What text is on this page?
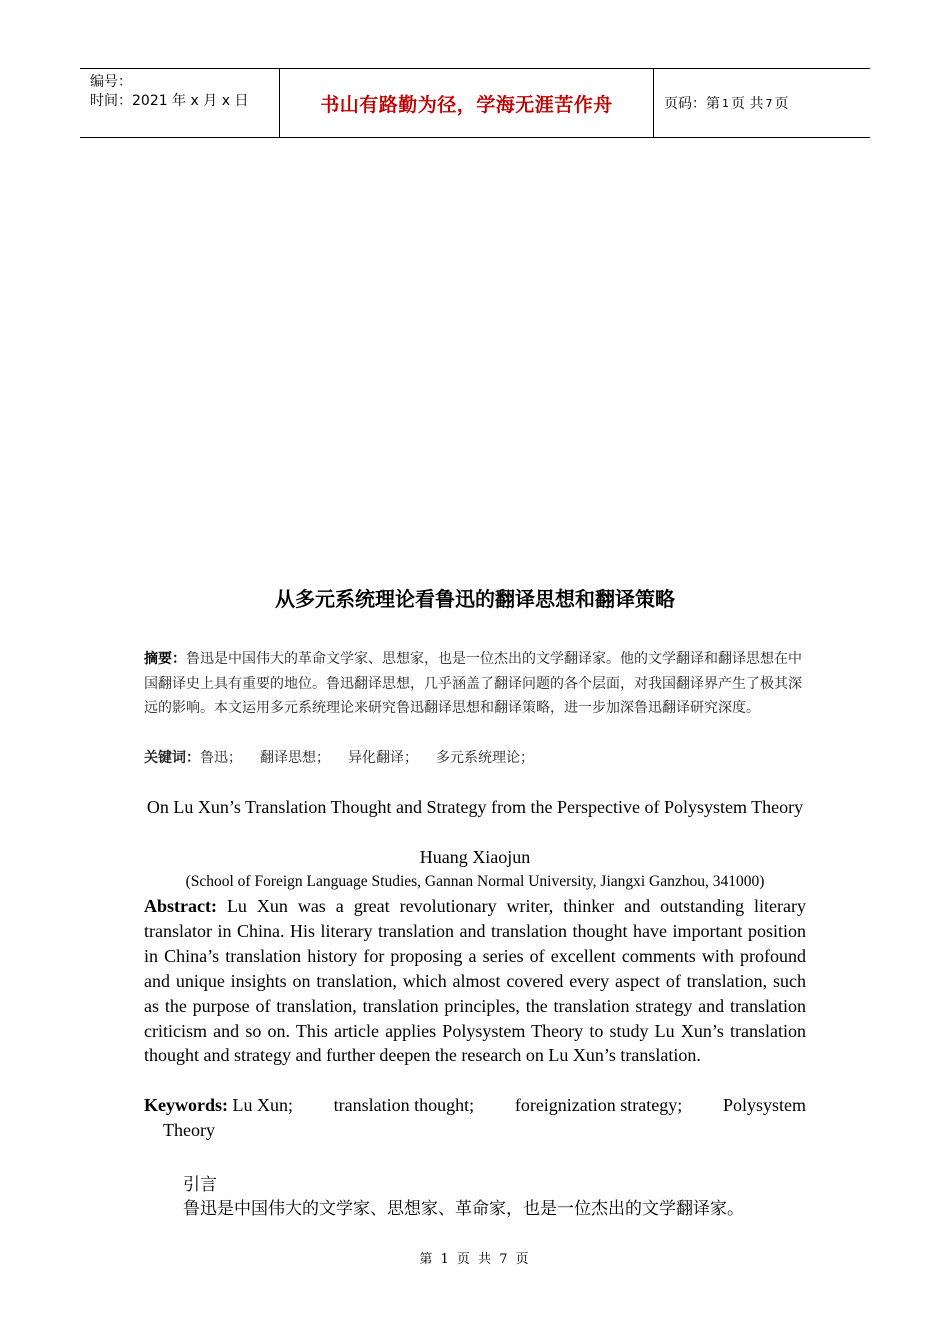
编号：
时间：2021 年 x 月 x 日	书山有路勤为径，学海无涯苦作舟	页码：第 1 页 共 7 页
从多元系统理论看鲁迅的翻译思想和翻译策略
摘要：鲁迅是中国伟大的革命文学家、思想家，也是一位杰出的文学翻译家。他的文学翻译和翻译思想在中国翻译史上具有重要的地位。鲁迅翻译思想，几乎涵盖了翻译问题的各个层面，对我国翻译界产生了极其深远的影响。本文运用多元系统理论来研究鲁迅翻译思想和翻译策略，进一步加深鲁迅翻译研究深度。
关键词：鲁迅； 翻译思想； 异化翻译； 多元系统理论；
On Lu Xun’s Translation Thought and Strategy from the Perspective of Polysystem Theory
Huang Xiaojun
(School of Foreign Language Studies, Gannan Normal University, Jiangxi Ganzhou, 341000)
Abstract: Lu Xun was a great revolutionary writer, thinker and outstanding literary translator in China. His literary translation and translation thought have important position in China’s translation history for proposing a series of excellent comments with profound and unique insights on translation, which almost covered every aspect of translation, such as the purpose of translation, translation principles, the translation strategy and translation criticism and so on. This article applies Polysystem Theory to study Lu Xun’s translation thought and strategy and further deepen the research on Lu Xun’s translation.
Keywords: Lu Xun; translation thought; foreignization strategy; Polysystem
Theory
引言
鲁迅是中国伟大的文学家、思想家、革命家，也是一位杰出的文学翻译家。
第 1 页 共 7 页
